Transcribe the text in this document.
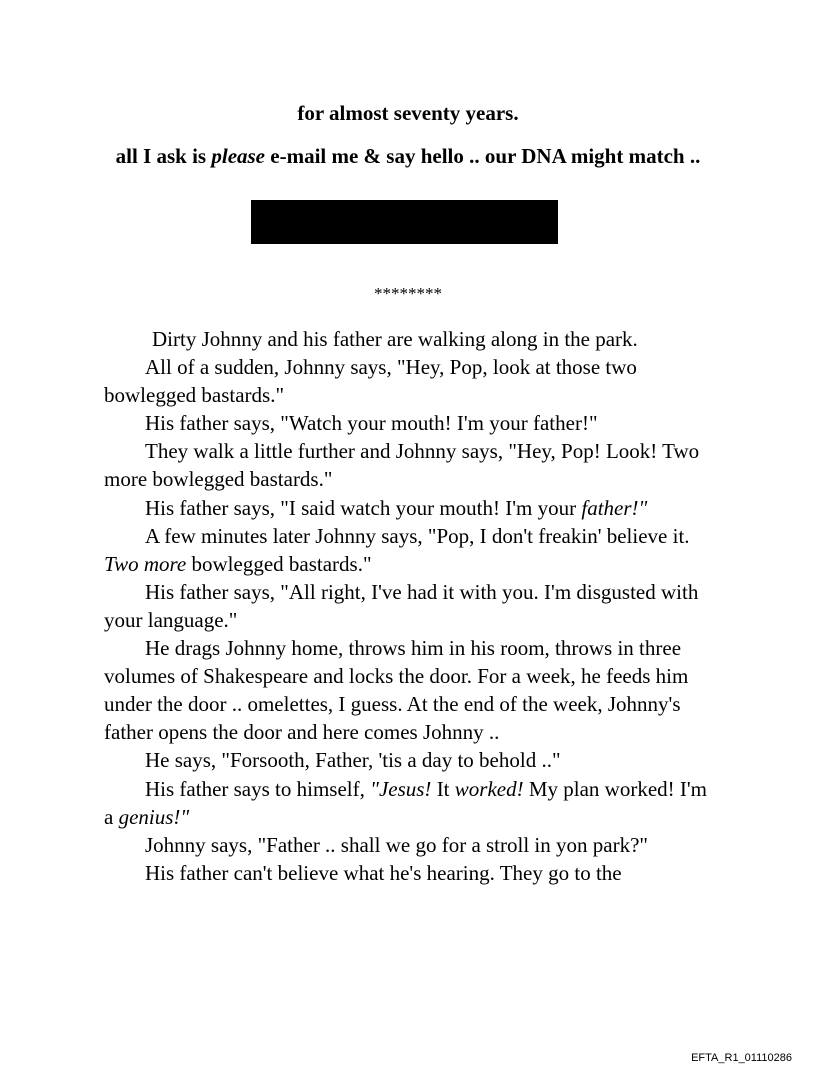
for almost seventy years.

all I ask is please e-mail me & say hello .. our DNA might match ..

********

Dirty Johnny and his father are walking along in the park.

All of a sudden, Johnny says, "Hey, Pop, look at those two bowlegged bastards."

His father says, "Watch your mouth! I'm your father!"

They walk a little further and Johnny says, "Hey, Pop! Look! Two more bowlegged bastards."

His father says, "I said watch your mouth! I'm your father!"

A few minutes later Johnny says, "Pop, I don't freakin' believe it. Two more bowlegged bastards."

His father says, "All right, I've had it with you. I'm disgusted with your language."

He drags Johnny home, throws him in his room, throws in three volumes of Shakespeare and locks the door. For a week, he feeds him under the door .. omelettes, I guess. At the end of the week, Johnny's father opens the door and here comes Johnny ..

He says, "Forsooth, Father, 'tis a day to behold .."

His father says to himself, "Jesus! It worked! My plan worked! I'm a genius!"

Johnny says, "Father .. shall we go for a stroll in yon park?"

His father can't believe what he's hearing. They go to the

EFTA_R1_01110286
